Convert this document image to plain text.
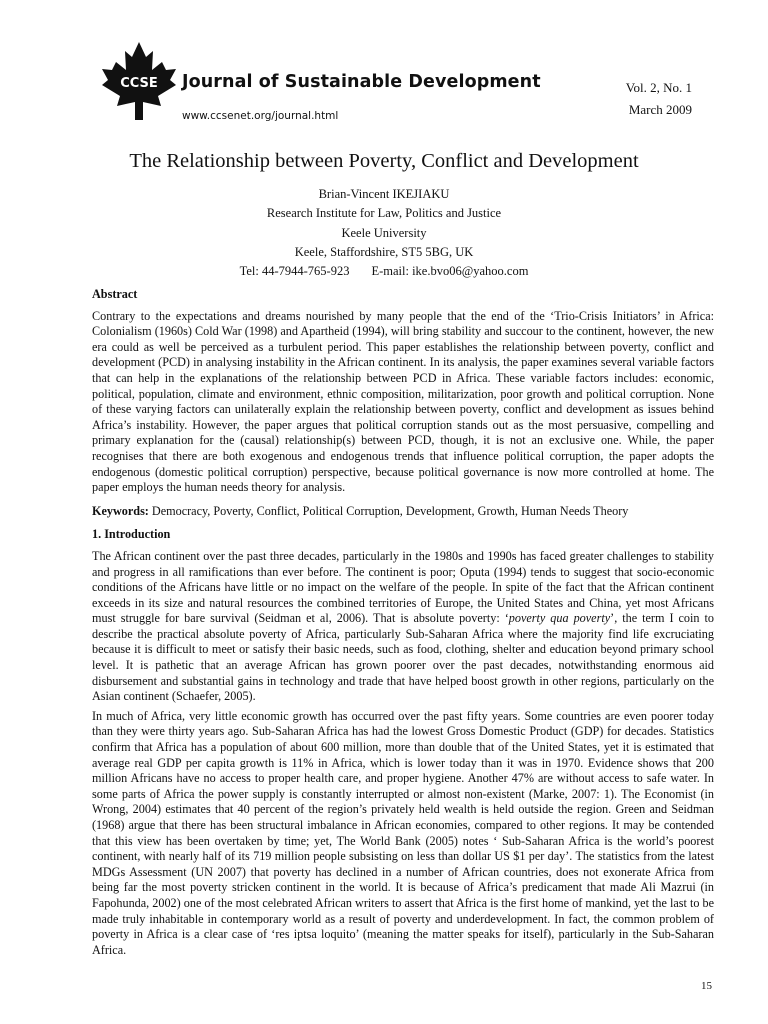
CCSE Journal of Sustainable Development
www.ccsenet.org/journal.html
Vol. 2, No. 1
March 2009
The Relationship between Poverty, Conflict and Development
Brian-Vincent IKEJIAKU
Research Institute for Law, Politics and Justice
Keele University
Keele, Staffordshire, ST5 5BG, UK
Tel: 44-7944-765-923 E-mail: ike.bvo06@yahoo.com
Abstract

Contrary to the expectations and dreams nourished by many people that the end of the ‘Trio-Crisis Initiators’ in Africa: Colonialism (1960s) Cold War (1998) and Apartheid (1994), will bring stability and succour to the continent, however, the new era could as well be perceived as a turbulent period. This paper establishes the relationship between poverty, conflict and development (PCD) in analysing instability in the African continent. In its analysis, the paper examines several variable factors that can help in the explanations of the relationship between PCD in Africa. These variable factors includes: economic, political, population, climate and environment, ethnic composition, militarization, poor growth and political corruption. None of these varying factors can unilaterally explain the relationship between poverty, conflict and development as issues behind Africa’s instability. However, the paper argues that political corruption stands out as the most persuasive, compelling and primary explanation for the (causal) relationship(s) between PCD, though, it is not an exclusive one. While, the paper recognises that there are both exogenous and endogenous trends that influence political corruption, the paper adopts the endogenous (domestic political corruption) perspective, because political governance is now more controlled at home. The paper employs the human needs theory for analysis.

Keywords: Democracy, Poverty, Conflict, Political Corruption, Development, Growth, Human Needs Theory

1. Introduction

The African continent over the past three decades, particularly in the 1980s and 1990s has faced greater challenges to stability and progress in all ramifications than ever before. The continent is poor; Oputa (1994) tends to suggest that socio-economic conditions of the Africans have little or no impact on the welfare of the people. In spite of the fact that the African continent exceeds in its size and natural resources the combined territories of Europe, the United States and China, yet most Africans must struggle for bare survival (Seidman et al, 2006). That is absolute poverty: ‘poverty qua poverty’, the term I coin to describe the practical absolute poverty of Africa, particularly Sub-Saharan Africa where the majority find life excruciating because it is difficult to meet or satisfy their basic needs, such as food, clothing, shelter and education beyond primary school level. It is pathetic that an average African has grown poorer over the past decades, notwithstanding enormous aid disbursement and substantial gains in technology and trade that have helped boost growth in other regions, particularly on the Asian continent (Schaefer, 2005).

In much of Africa, very little economic growth has occurred over the past fifty years. Some countries are even poorer today than they were thirty years ago. Sub-Saharan Africa has had the lowest Gross Domestic Product (GDP) for decades. Statistics confirm that Africa has a population of about 600 million, more than double that of the United States, yet it is estimated that average real GDP per capita growth is 11% in Africa, which is lower today than it was in 1970. Evidence shows that 200 million Africans have no access to proper health care, and proper hygiene. Another 47% are without access to safe water. In some parts of Africa the power supply is constantly interrupted or almost non-existent (Marke, 2007: 1). The Economist (in Wrong, 2004) estimates that 40 percent of the region’s privately held wealth is held outside the region. Green and Seidman (1968) argue that there has been structural imbalance in African economies, compared to other regions. It may be contended that this view has been overtaken by time; yet, The World Bank (2005) notes ‘ Sub-Saharan Africa is the world’s poorest continent, with nearly half of its 719 million people subsisting on less than dollar US $1 per day’. The statistics from the latest MDGs Assessment (UN 2007) that poverty has declined in a number of African countries, does not exonerate Africa from being far the most poverty stricken continent in the world. It is because of Africa’s predicament that made Ali Mazrui (in Fapohunda, 2002) one of the most celebrated African writers to assert that Africa is the first home of mankind, yet the last to be made truly inhabitable in contemporary world as a result of poverty and underdevelopment. In fact, the common problem of poverty in Africa is a clear case of ‘res iptsa loquito’ (meaning the matter speaks for itself), particularly in the Sub-Saharan Africa.

15
